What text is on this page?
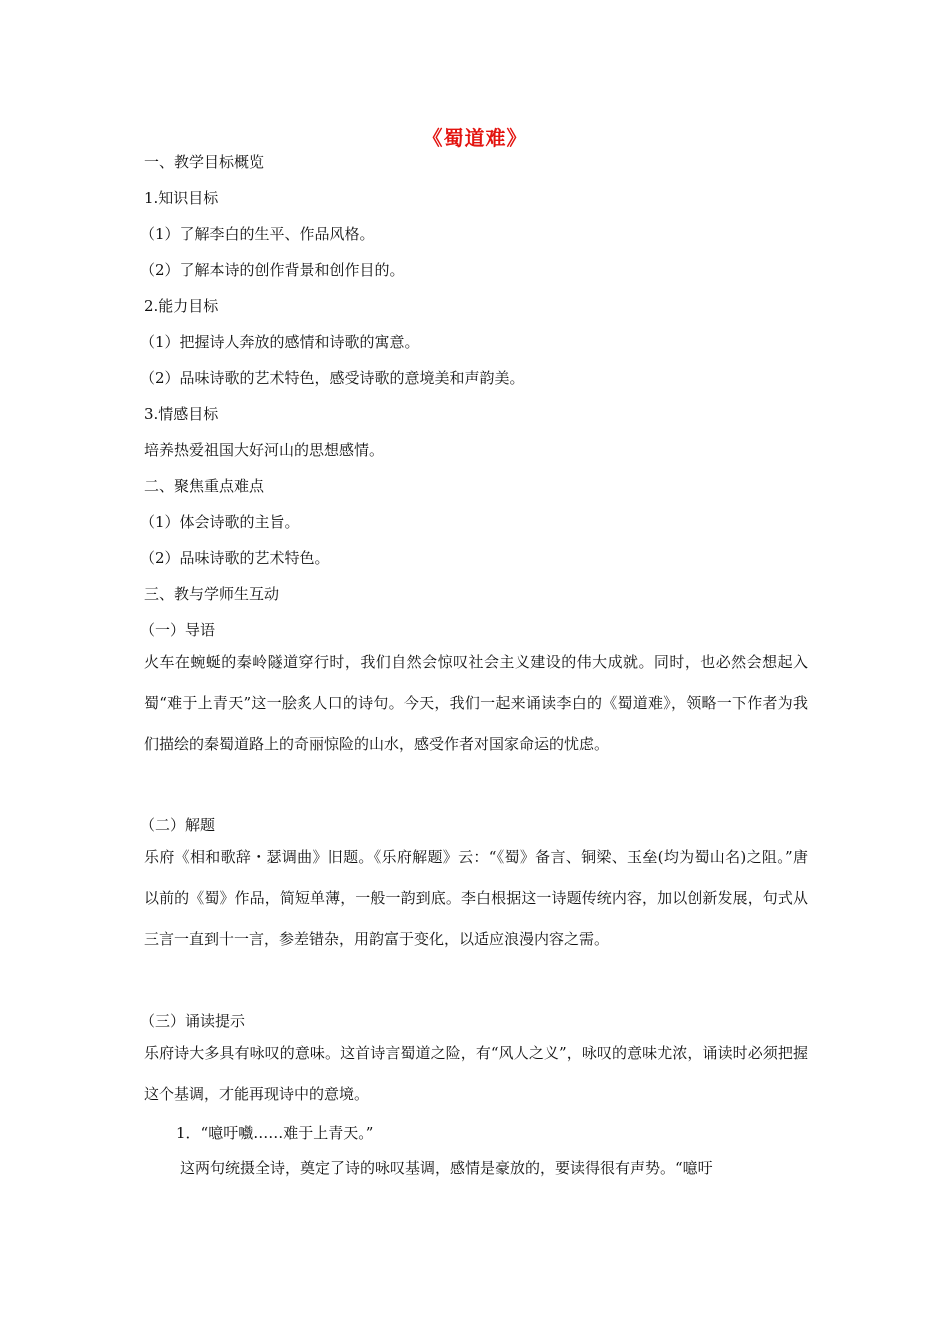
《蜀道难》
一、教学目标概览
1.知识目标
（1）了解李白的生平、作品风格。
（2）了解本诗的创作背景和创作目的。
2.能力目标
（1）把握诗人奔放的感情和诗歌的寓意。
（2）品味诗歌的艺术特色，感受诗歌的意境美和声韵美。
3.情感目标
培养热爱祖国大好河山的思想感情。
二、聚焦重点难点
（1）体会诗歌的主旨。
（2）品味诗歌的艺术特色。
三、教与学师生互动
（一）导语
火车在蜿蜒的秦岭隧道穿行时，我们自然会惊叹社会主义建设的伟大成就。同时，也必然会想起入蜀“难于上青天”这一脍炙人口的诗句。今天，我们一起来诵读李白的《蜀道难》，领略一下作者为我们描绘的秦蜀道路上的奇丽惊险的山水，感受作者对国家命运的忧虑。
（二）解题
乐府《相和歌辞・瑟调曲》旧题。《乐府解题》云：“《蜀》备言、铜梁、玉垒(均为蜀山名)之阻。”唐以前的《蜀》作品，简短单薄，一般一韵到底。李白根据这一诗题传统内容，加以创新发展，句式从三言一直到十一言，参差错杂，用韵富于变化，以适应浪漫内容之需。
（三）诵读提示
乐府诗大多具有咏叹的意味。这首诗言蜀道之险，有“风人之义”，咏叹的意味尤浓，诵读时必须把握这个基调，才能再现诗中的意境。
1．“噫吁嚱……难于上青天。”
这两句统摄全诗，奠定了诗的咏叹基调，感情是豪放的，要读得很有声势。“噫吁
